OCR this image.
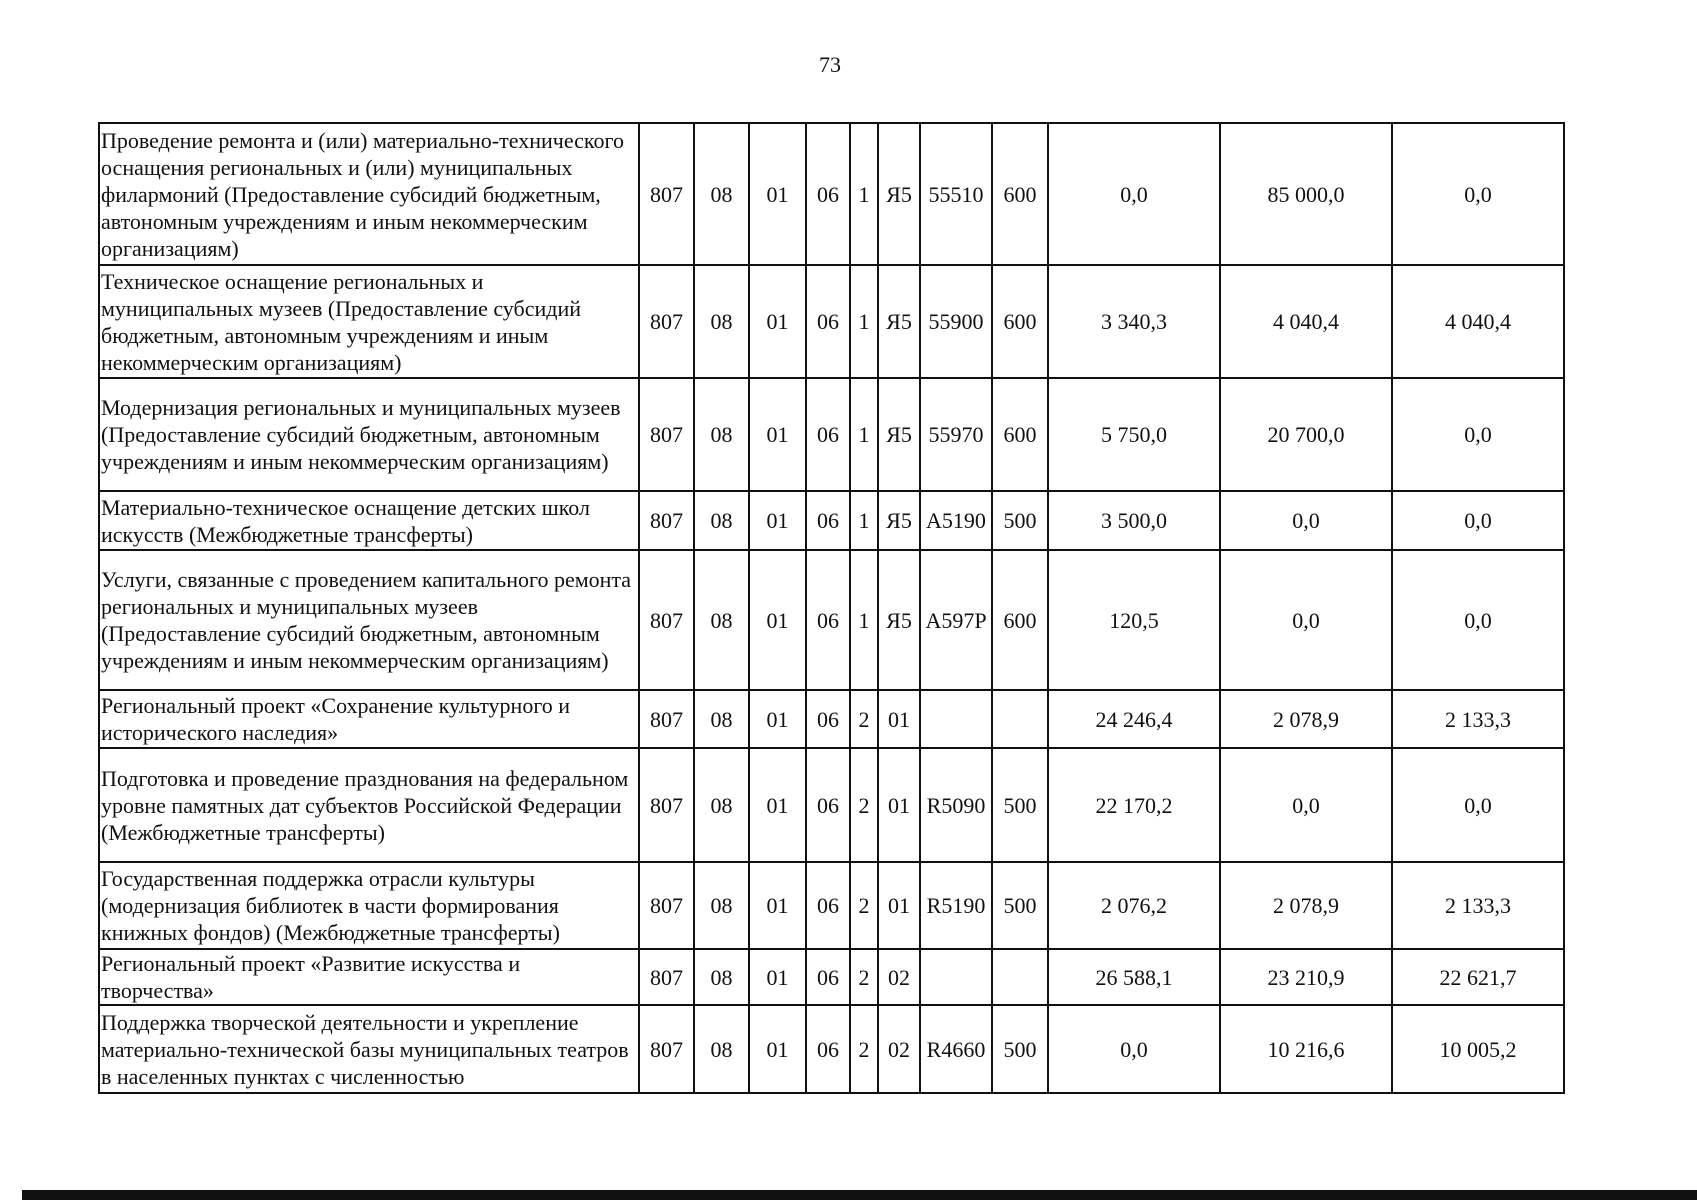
73
Проведение ремонта и (или) материально-технического оснащения региональных и (или) муниципальных филармоний (Предоставление субсидий бюджетным, автономным учреждениям и иным некоммерческим организациям)	807	08	01	06	1	Я5	55510	600	0,0	85 000,0	0,0
Техническое оснащение региональных и муниципальных музеев (Предоставление субсидий бюджетным, автономным учреждениям и иным некоммерческим организациям)	807	08	01	06	1	Я5	55900	600	3 340,3	4 040,4	4 040,4
Модернизация региональных и муниципальных музеев (Предоставление субсидий бюджетным, автономным учреждениям и иным некоммерческим организациям)	807	08	01	06	1	Я5	55970	600	5 750,0	20 700,0	0,0
Материально-техническое оснащение детских школ искусств (Межбюджетные трансферты)	807	08	01	06	1	Я5	A5190	500	3 500,0	0,0	0,0
Услуги, связанные с проведением капитального ремонта региональных и муниципальных музеев (Предоставление субсидий бюджетным, автономным учреждениям и иным некоммерческим организациям)	807	08	01	06	1	Я5	A597P	600	120,5	0,0	0,0
Региональный проект «Сохранение культурного и исторического наследия»	807	08	01	06	2	01			24 246,4	2 078,9	2 133,3
Подготовка и проведение празднования на федеральном уровне памятных дат субъектов Российской Федерации (Межбюджетные трансферты)	807	08	01	06	2	01	R5090	500	22 170,2	0,0	0,0
Государственная поддержка отрасли культуры (модернизация библиотек в части формирования книжных фондов) (Межбюджетные трансферты)	807	08	01	06	2	01	R5190	500	2 076,2	2 078,9	2 133,3
Региональный проект «Развитие искусства и творчества»	807	08	01	06	2	02			26 588,1	23 210,9	22 621,7
Поддержка творческой деятельности и укрепление материально-технической базы муниципальных театров в населенных пунктах с численностью	807	08	01	06	2	02	R4660	500	0,0	10 216,6	10 005,2
